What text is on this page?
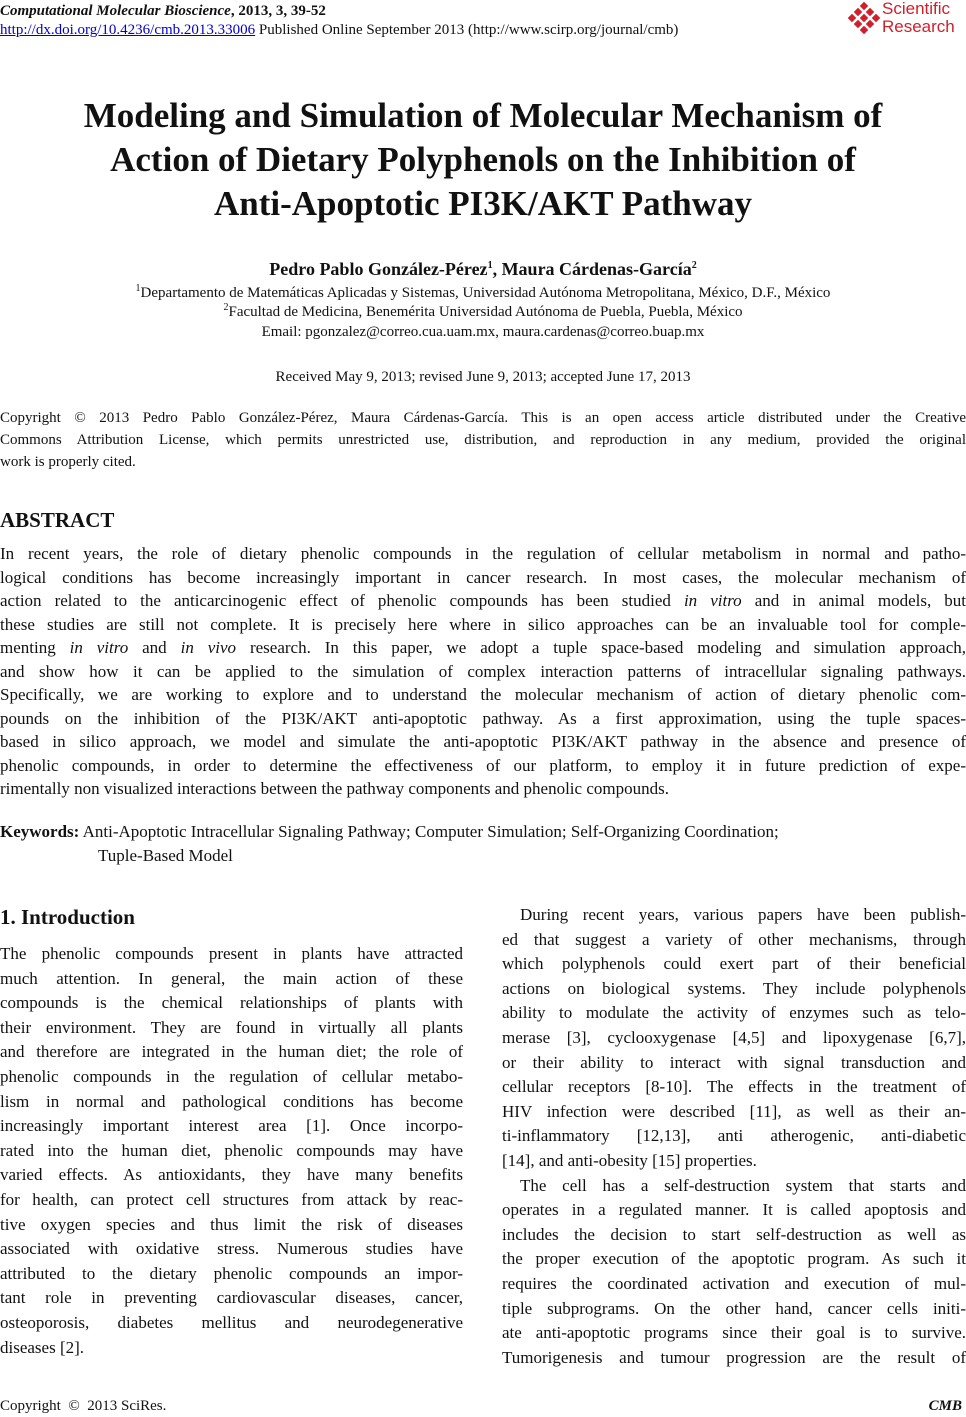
Computational Molecular Bioscience, 2013, 3, 39-52
http://dx.doi.org/10.4236/cmb.2013.33006 Published Online September 2013 (http://www.scirp.org/journal/cmb)
Scientific
Research
Modeling and Simulation of Molecular Mechanism of
Action of Dietary Polyphenols on the Inhibition of
Anti-Apoptotic PI3K/AKT Pathway
Pedro Pablo González-Pérez$^1$, Maura Cárdenas-García$^2$
$^1$Departamento de Matemáticas Aplicadas y Sistemas, Universidad Autónoma Metropolitana, México, D.F., México
$^2$Facultad de Medicina, Benemérita Universidad Autónoma de Puebla, Puebla, México
Email: pgonzalez@correo.cua.uam.mx, maura.cardenas@correo.buap.mx
Received May 9, 2013; revised June 9, 2013; accepted June 17, 2013
Copyright © 2013 Pedro Pablo González-Pérez, Maura Cárdenas-García. This is an open access article distributed under the Creative
Commons Attribution License, which permits unrestricted use, distribution, and reproduction in any medium, provided the original
work is properly cited.
ABSTRACT
In recent years, the role of dietary phenolic compounds in the regulation of cellular metabolism in normal and patho-
logical conditions has become increasingly important in cancer research. In most cases, the molecular mechanism of
action related to the anticarcinogenic effect of phenolic compounds has been studied in vitro and in animal models, but
these studies are still not complete. It is precisely here where in silico approaches can be an invaluable tool for comple-
menting in vitro and in vivo research. In this paper, we adopt a tuple space-based modeling and simulation approach,
and show how it can be applied to the simulation of complex interaction patterns of intracellular signaling pathways.
Specifically, we are working to explore and to understand the molecular mechanism of action of dietary phenolic com-
pounds on the inhibition of the PI3K/AKT anti-apoptotic pathway. As a first approximation, using the tuple spaces-
based in silico approach, we model and simulate the anti-apoptotic PI3K/AKT pathway in the absence and presence of
phenolic compounds, in order to determine the effectiveness of our platform, to employ it in future prediction of expe-
rimentally non visualized interactions between the pathway components and phenolic compounds.
Keywords: Anti-Apoptotic Intracellular Signaling Pathway; Computer Simulation; Self-Organizing Coordination;
Tuple-Based Model
1. Introduction
The phenolic compounds present in plants have attracted
much attention. In general, the main action of these
compounds is the chemical relationships of plants with
their environment. They are found in virtually all plants
and therefore are integrated in the human diet; the role of
phenolic compounds in the regulation of cellular metabo-
lism in normal and pathological conditions has become
increasingly important interest area [1]. Once incorpo-
rated into the human diet, phenolic compounds may have
varied effects. As antioxidants, they have many benefits
for health, can protect cell structures from attack by reac-
tive oxygen species and thus limit the risk of diseases
associated with oxidative stress. Numerous studies have
attributed to the dietary phenolic compounds an impor-
tant role in preventing cardiovascular diseases, cancer,
osteoporosis, diabetes mellitus and neurodegenerative
diseases [2].
During recent years, various papers have been publish-
ed that suggest a variety of other mechanisms, through
which polyphenols could exert part of their beneficial
actions on biological systems. They include polyphenols
ability to modulate the activity of enzymes such as telo-
merase [3], cyclooxygenase [4,5] and lipoxygenase [6,7],
or their ability to interact with signal transduction and
cellular receptors [8-10]. The effects in the treatment of
HIV infection were described [11], as well as their an-
ti-inflammatory [12,13], anti atherogenic, anti-diabetic
[14], and anti-obesity [15] properties.
The cell has a self-destruction system that starts and
operates in a regulated manner. It is called apoptosis and
includes the decision to start self-destruction as well as
the proper execution of the apoptotic program. As such it
requires the coordinated activation and execution of mul-
tiple subprograms. On the other hand, cancer cells initi-
ate anti-apoptotic programs since their goal is to survive.
Tumorigenesis and tumour progression are the result of
Copyright  ©  2013 SciRes.	CMB
